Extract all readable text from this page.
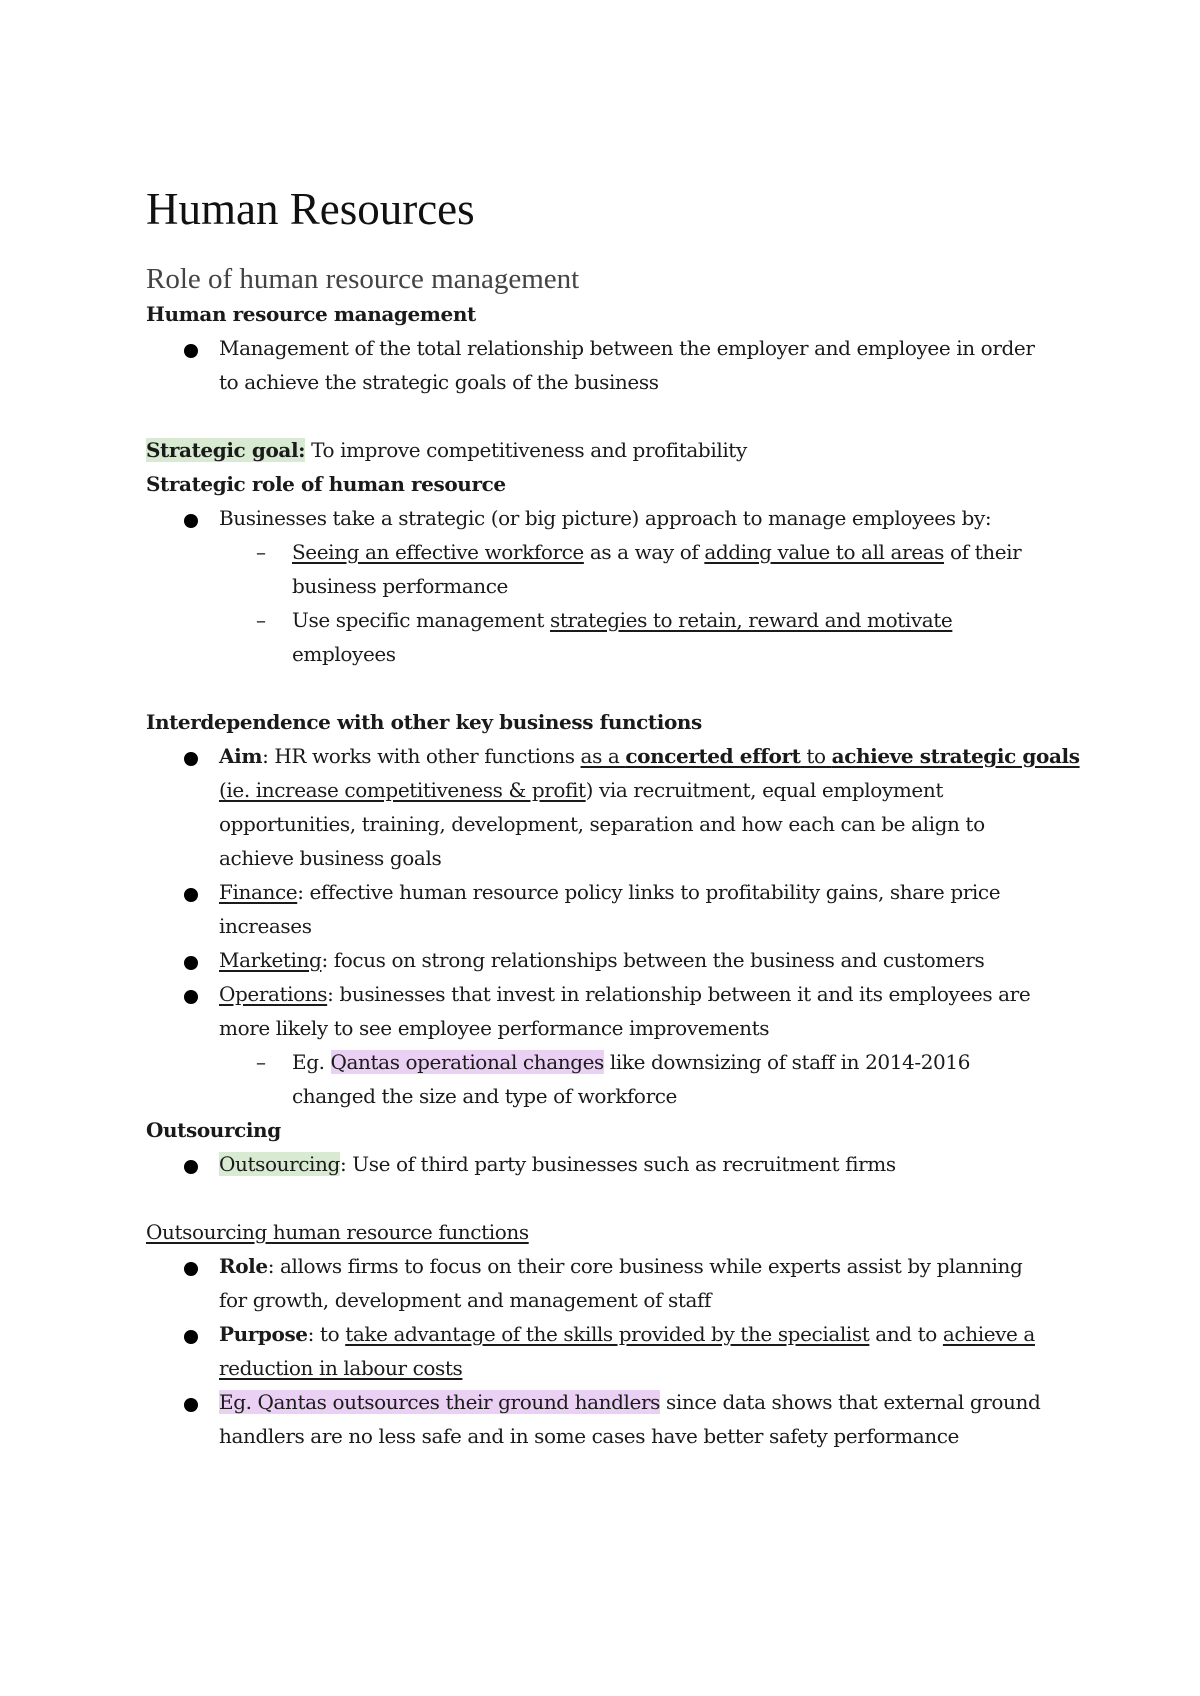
Human Resources
Role of human resource management
Human resource management
Management of the total relationship between the employer and employee in order
to achieve the strategic goals of the business
Strategic goal: To improve competitiveness and profitability
Strategic role of human resource
Businesses take a strategic (or big picture) approach to manage employees by:
– Seeing an effective workforce as a way of adding value to all areas of their
business performance
– Use specific management strategies to retain, reward and motivate
employees
Interdependence with other key business functions
Aim: HR works with other functions as a concerted effort to achieve strategic goals
(ie. increase competitiveness & profit) via recruitment, equal employment
opportunities, training, development, separation and how each can be align to
achieve business goals
Finance: effective human resource policy links to profitability gains, share price
increases
Marketing: focus on strong relationships between the business and customers
Operations: businesses that invest in relationship between it and its employees are
more likely to see employee performance improvements
– Eg. Qantas operational changes like downsizing of staff in 2014-2016
changed the size and type of workforce
Outsourcing
Outsourcing: Use of third party businesses such as recruitment firms
Outsourcing human resource functions
Role: allows firms to focus on their core business while experts assist by planning
for growth, development and management of staff
Purpose: to take advantage of the skills provided by the specialist and to achieve a
reduction in labour costs
Eg. Qantas outsources their ground handlers since data shows that external ground
handlers are no less safe and in some cases have better safety performance
